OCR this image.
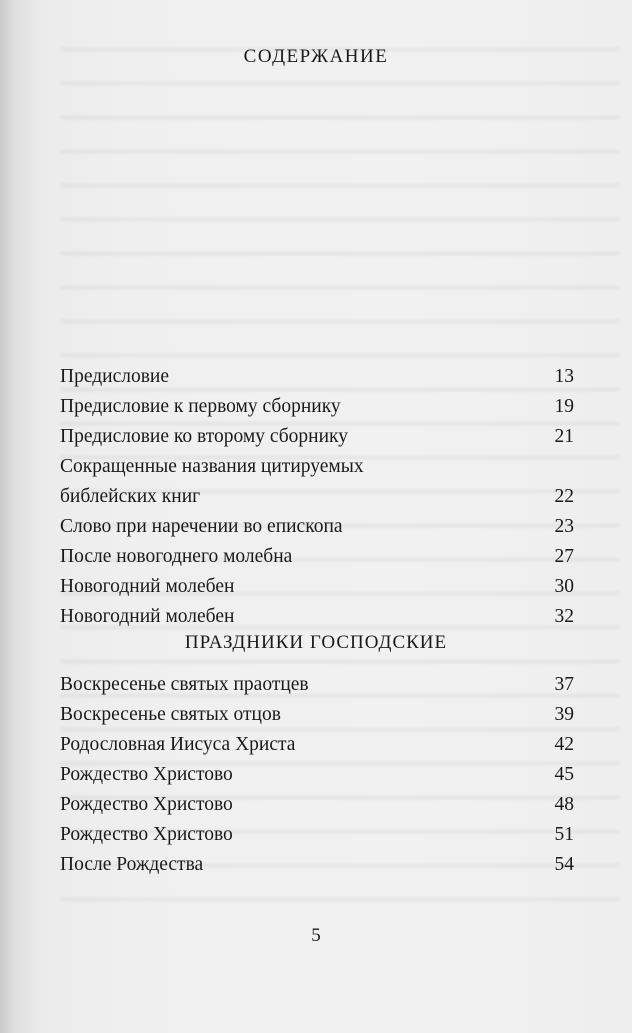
СОДЕРЖАНИЕ
Предисловие	13
Предисловие к первому сборнику	19
Предисловие ко второму сборнику	21
Сокращенные названия цитируемых библейских книг	22
Слово при наречении во епископа	23
После новогоднего молебна	27
Новогодний молебен	30
Новогодний молебен	32
ПРАЗДНИКИ ГОСПОДСКИЕ
Воскресенье святых праотцев	37
Воскресенье святых отцов	39
Родословная Иисуса Христа	42
Рождество Христово	45
Рождество Христово	48
Рождество Христово	51
После Рождества	54
5
